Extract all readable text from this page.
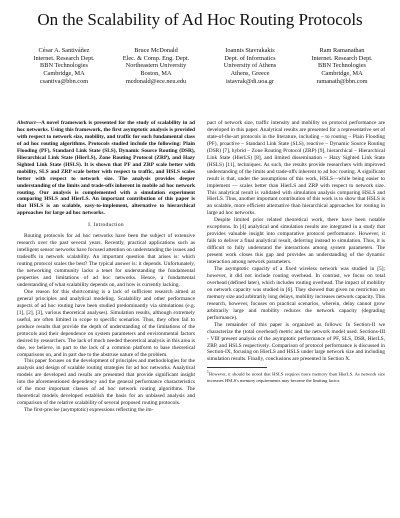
On the Scalability of Ad Hoc Routing Protocols
César A. Santiváñez
Internet. Research Dept.
BBN Technologies
Cambridge, MA
csantiva@bbn.com
Bruce McDonald
Elec. & Comp. Eng. Dept.
Northeastern University
Boston, MA
mcdonald@ece.neu.edu
Ioannis Stavrakakis
Dept. of Informatics
University of Athens
Athens, Greece
istavrak@di.uoa.gr
Ram Ramanathan
Internet. Research Dept.
BBN Technologies
Cambridge, MA
ramanath@bbn.com

Abstract—A novel framework is presented for the study of scalability in ad hoc networks. Using this framework, the first asymptotic analysis is provided with respect to network size, mobility, and traffic for such fundamental class of ad hoc routing algorithms. Protocols studied include the following: Plain Flooding (PF), Standard Link State (SLS), Dynamic Source Routing (DSR), Hierarchical Link State (HierLS), Zone Routing Protocol (ZRP), and Hazy Sighted Link State (HSLS). It is shown that PF and ZRP scale better with mobility, SLS and ZRP scale better with respect to traffic, and HSLS scales better with respect to network size. The analysis provides deeper understanding of the limits and trade-offs inherent in mobile ad hoc network routing. Our analysis is complemented with a simulation experiment comparing HSLS and HierLS. An important contribution of this paper is that HSLS is an scalable, easy-to-implement, alternative to hierarchical approaches for large ad hoc networks.

I. Introduction

Routing protocols for ad hoc networks have been the subject of extensive research over the past several years. Recently, practical applications such as intelligent sensor networks have focused attention on understanding the issues and tradeoffs in network scalability. An important question that arises is: which routing protocol scales the best? The typical answer is: it depends. Unfortunately, the networking community lacks a tenet for understanding the fundamental properties and limitations of ad hoc networks. Hence, a fundamental understanding of what scalability depends on, and how is currently lacking.

One reason for this shortcoming is a lack of sufficient research aimed at general principles and analytical modeling. Scalability and other performance aspects of ad hoc routing have been studied predominantly via simulations (e.g. [1], [2], [3], various theoretical analyses). Simulation results, although extremely useful, are often limited in scope to specific scenarios. Thus, they often fail to produce results that provide the depth of understanding of the limitations of the protocols and their dependence on system parameters and environmental factors desired by researchers. The lack of much needed theoretical analysis in this area is due, we believe, in part to the lack of a common platform to base theoretical comparisons on, and in part due to the abstruse nature of the problem.

This paper focuses on the development of principles and methodologies for the analysis and design of scalable routing strategies for ad hoc networks. Analytical models are developed and results are presented that provide significant insight into the aforementioned dependency and the general performance characteristics of the most important classes of ad hoc network routing algorithms. The theoretical models developed establish the basis for an unbiased analysis and comparison of the relative scalability of several proposed routing protocols.

The first-precise (asymptotic) expressions reflecting the im-

pact of network size, traffic intensity and mobility on protocol performance are developed in this paper. Analytical results are presented for a representative set of state-of-the-art protocols in the literature, including – to routing – Plain Flooding (PF), proactive – Standard Link State (SLS), reactive – Dynamic Source Routing (DSR) [7], hybrid – Zone Routing Protocol (ZRP) [9], hierarchical – Hierarchical Link State (HierLS) [8], and limited dissemination – Hazy Sighted Link State (HSLS) [11], techniques. As such, the results provide researchers with improved understanding of the limits and trade-offs inherent to ad hoc routing. A significant result is that, under the assumptions of this work, HSLS—while being easier to implement — scales better than HierLS and ZRP with respect to network size. This analytical result is validated with simulation analysis comparing HSLS and HierLS. Thus, another important contribution of this work is to show that HSLS is an scalable, more efficient alternative than hierarchical approaches for routing in large ad hoc networks.

Despite limited prior related theoretical work, there have been notable exceptions. In [4] analytical and simulation results are integrated in a study that provides valuable insight into comparative protocol performance. However, it fails to deliver a final analytical result, deferring instead to simulation. Thus, it is difficult to fully understand the interactions among system parameters. The present work closes this gap and provides an understanding of the dynamic interaction among network parameters.

The asymptotic capacity of a fixed wireless network was studied in [5]; however, it did not include routing overhead. In contrast, we focus on total overhead (defined later), which includes routing overhead. The impact of mobility on network capacity was studied in [6]. They showed that given no restriction on memory size and arbitrarily long delays, mobility increases network capacity. This research, however, focuses on practical scenarios, wherein, delay cannot grow arbitrarily large and mobility reduces the network capacity (degrading performance).

The remainder of this paper is organized as follows: In Section-II we characterize the (total overhead) metric and the network model used. Sections-III - VIII present analysis of the asymptotic performance of PF, SLS, DSR, HierLS, ZRP, and HSLS respectively. Comparison of protocol performance is discussed in Section-IX, focusing on HierLS and HSLS under large network size and including simulation results. Finally, conclusions are presented in Section X.

$^1$However, it should be noted that HSLS requires more memory than HierLS. As network size increases HSLS's memory requirements may become the limiting factor.
